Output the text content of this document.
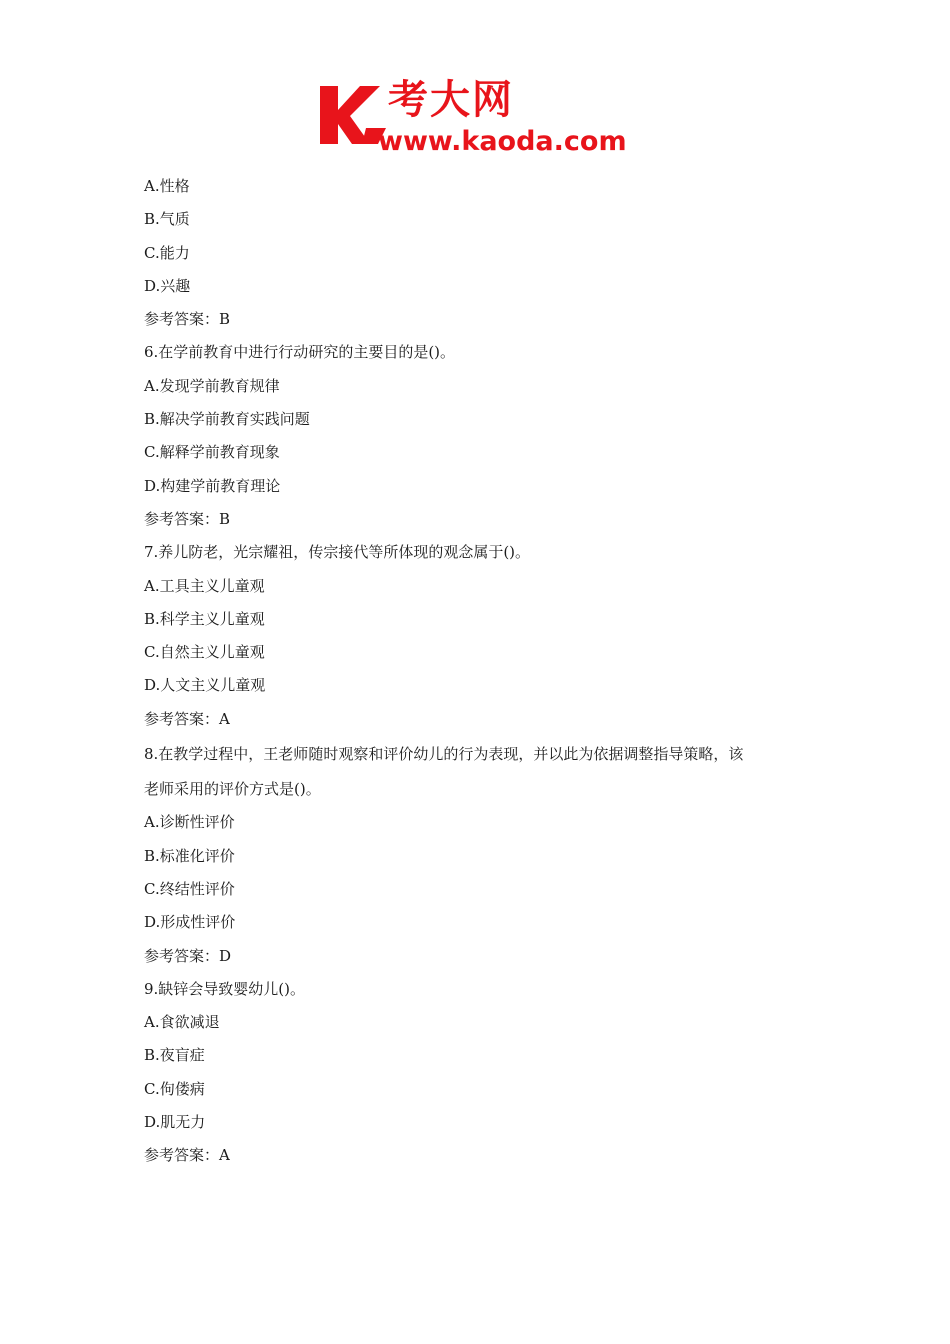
考大网
www.kaoda.com
A.性格
B.气质
C.能力
D.兴趣
参考答案：B
6.在学前教育中进行行动研究的主要目的是()。
A.发现学前教育规律
B.解决学前教育实践问题
C.解释学前教育现象
D.构建学前教育理论
参考答案：B
7.养儿防老，光宗耀祖，传宗接代等所体现的观念属于()。
A.工具主义儿童观
B.科学主义儿童观
C.自然主义儿童观
D.人文主义儿童观
参考答案：A
8.在教学过程中，王老师随时观察和评价幼儿的行为表现，并以此为依据调整指导策略，该
老师采用的评价方式是()。
A.诊断性评价
B.标准化评价
C.终结性评价
D.形成性评价
参考答案：D
9.缺锌会导致婴幼儿()。
A.食欲减退
B.夜盲症
C.佝偻病
D.肌无力
参考答案：A
